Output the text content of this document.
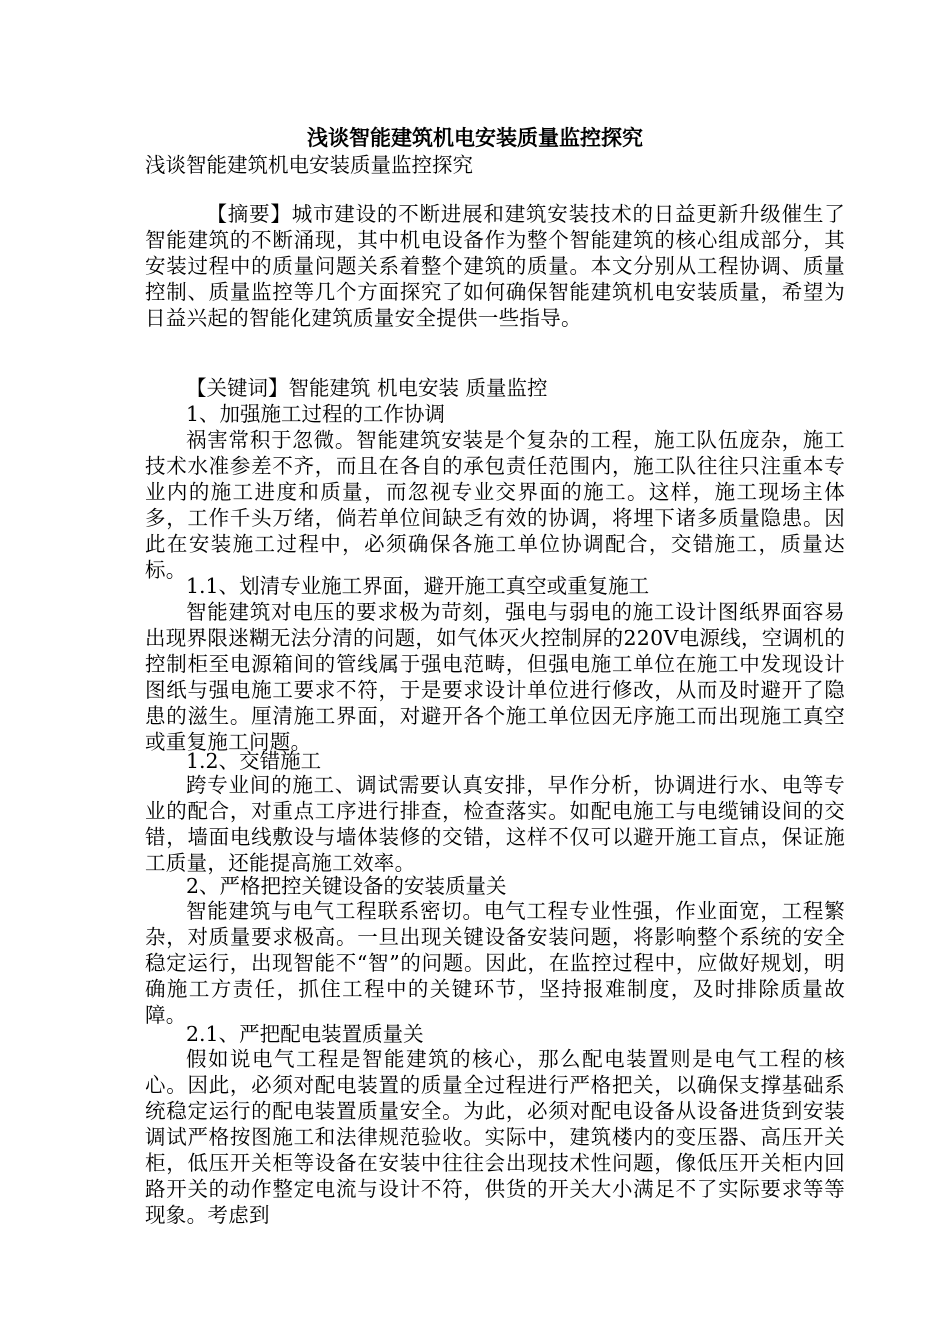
浅谈智能建筑机电安装质量监控探究
浅谈智能建筑机电安装质量监控探究

【摘要】城市建设的不断进展和建筑安装技术的日益更新升级催生了智能建筑的不断涌现，其中机电设备作为整个智能建筑的核心组成部分，其安装过程中的质量问题关系着整个建筑的质量。本文分别从工程协调、质量控制、质量监控等几个方面探究了如何确保智能建筑机电安装质量，希望为日益兴起的智能化建筑质量安全提供一些指导。

【关键词】智能建筑 机电安装 质量监控
1、加强施工过程的工作协调

祸害常积于忽微。智能建筑安装是个复杂的工程，施工队伍庞杂，施工技术水准参差不齐，而且在各自的承包责任范围内，施工队往往只注重本专业内的施工进度和质量，而忽视专业交界面的施工。这样，施工现场主体多，工作千头万绪，倘若单位间缺乏有效的协调，将埋下诸多质量隐患。因此在安装施工过程中，必须确保各施工单位协调配合，交错施工，质量达标。

1.1、划清专业施工界面，避开施工真空或重复施工

智能建筑对电压的要求极为苛刻，强电与弱电的施工设计图纸界面容易出现界限迷糊无法分清的问题，如气体灭火控制屏的220V电源线，空调机的控制柜至电源箱间的管线属于强电范畴，但强电施工单位在施工中发现设计图纸与强电施工要求不符，于是要求设计单位进行修改，从而及时避开了隐患的滋生。厘清施工界面，对避开各个施工单位因无序施工而出现施工真空或重复施工问题。

1.2、交错施工

跨专业间的施工、调试需要认真安排，早作分析，协调进行水、电等专业的配合，对重点工序进行排查，检查落实。如配电施工与电缆铺设间的交错，墙面电线敷设与墙体装修的交错，这样不仅可以避开施工盲点，保证施工质量，还能提高施工效率。

2、严格把控关键设备的安装质量关

智能建筑与电气工程联系密切。电气工程专业性强，作业面宽，工程繁杂，对质量要求极高。一旦出现关键设备安装问题，将影响整个系统的安全稳定运行，出现智能不“智”的问题。因此，在监控过程中，应做好规划，明确施工方责任，抓住工程中的关键环节，坚持报难制度，及时排除质量故障。

2.1、严把配电装置质量关

假如说电气工程是智能建筑的核心，那么配电装置则是电气工程的核心。因此，必须对配电装置的质量全过程进行严格把关，以确保支撑基础系统稳定运行的配电装置质量安全。为此，必须对配电设备从设备进货到安装调试严格按图施工和法律规范验收。实际中，建筑楼内的变压器、高压开关柜，低压开关柜等设备在安装中往往会出现技术性问题，像低压开关柜内回路开关的动作整定电流与设计不符，供货的开关大小满足不了实际要求等等现象。考虑到
